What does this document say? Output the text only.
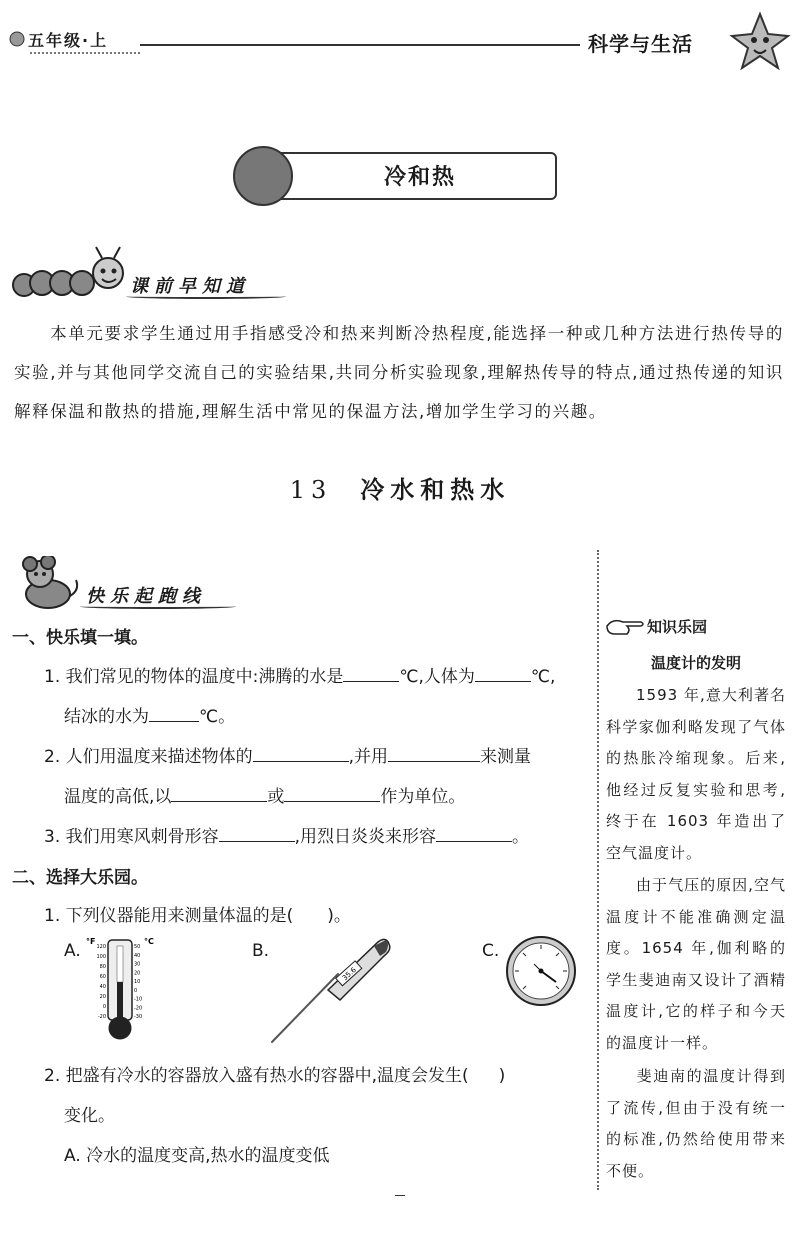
五年级·上	科学与生活
冷和热
课前早知道
本单元要求学生通过用手指感受冷和热来判断冷热程度,能选择一种或几种方法进行热传导的实验,并与其他同学交流自己的实验结果,共同分析实验现象,理解热传导的特点,通过热传递的知识解释保温和散热的措施,理解生活中常见的保温方法,增加学生学习的兴趣。
13 冷水和热水
快乐起跑线
一、快乐填一填。
1. 我们常见的物体的温度中:沸腾的水是	℃,人体为	℃,
结冰的水为	℃。
2. 人们用温度来描述物体的	,并用	来测量
温度的高低,以	或	作为单位。
3. 我们用寒风刺骨形容	,用烈日炎炎来形容	。
二、选择大乐园。
1. 下列仪器能用来测量体温的是( )。
A. °F	°C
120
100
80
60
40
20
0
-20
50
40
30
20
10
0
-10
-20
-30
B.
35.6
C.
2. 把盛有冷水的容器放入盛有热水的容器中,温度会发生( )
变化。
A. 冷水的温度变高,热水的温度变低
知识乐园
温度计的发明
1593 年,意大利著名科学家伽利略发现了气体的热胀冷缩现象。后来,他经过反复实验和思考,终于在 1603 年造出了空气温度计。
由于气压的原因,空气温度计不能准确测定温度。1654 年,伽利略的学生斐迪南又设计了酒精温度计,它的样子和今天的温度计一样。
斐迪南的温度计得到了流传,但由于没有统一的标准,仍然给使用带来不便。
